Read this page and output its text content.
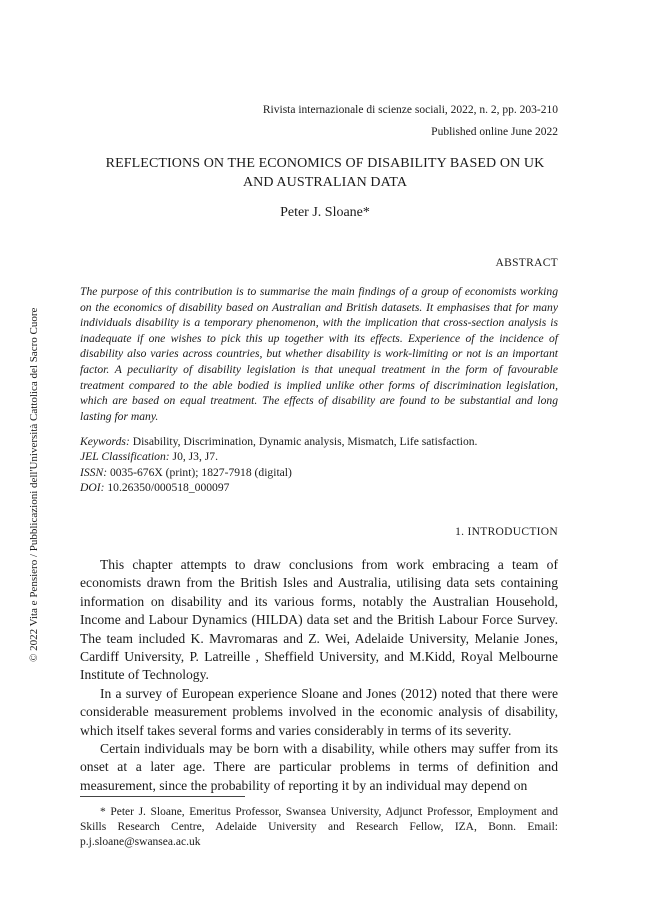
Rivista internazionale di scienze sociali, 2022, n. 2, pp. 203-210
Published online June 2022
REFLECTIONS ON THE ECONOMICS OF DISABILITY BASED ON UK
AND AUSTRALIAN DATA
Peter J. Sloane*
ABSTRACT
The purpose of this contribution is to summarise the main findings of a group of economists working on the economics of disability based on Australian and British datasets. It emphasises that for many individuals disability is a temporary phenomenon, with the implication that cross-section analysis is inadequate if one wishes to pick this up together with its effects. Experience of the incidence of disability also varies across countries, but whether disability is work-limiting or not is an important factor. A peculiarity of disability legislation is that unequal treatment in the form of favourable treatment compared to the able bodied is implied unlike other forms of discrimination legislation, which are based on equal treatment. The effects of disability are found to be substantial and long lasting for many.
Keywords: Disability, Discrimination, Dynamic analysis, Mismatch, Life satisfaction.
JEL Classification: J0, J3, J7.
ISSN: 0035-676X (print); 1827-7918 (digital)
DOI: 10.26350/000518_000097
1. INTRODUCTION

This chapter attempts to draw conclusions from work embracing a team of economists drawn from the British Isles and Australia, utilising data sets containing information on disability and its various forms, notably the Australian Household, Income and Labour Dynamics (HILDA) data set and the British Labour Force Survey. The team included K. Mavromaras and Z. Wei, Adelaide University, Melanie Jones, Cardiff University, P. Latreille , Sheffield University, and M.Kidd, Royal Melbourne Institute of Technology.

In a survey of European experience Sloane and Jones (2012) noted that there were considerable measurement problems involved in the economic analysis of disability, which itself takes several forms and varies considerably in terms of its severity.

Certain individuals may be born with a disability, while others may suffer from its onset at a later age. There are particular problems in terms of definition and measurement, since the probability of reporting it by an individual may depend on

* Peter J. Sloane, Emeritus Professor, Swansea University, Adjunct Professor, Employment and Skills Research Centre, Adelaide University and Research Fellow, IZA, Bonn. Email: p.j.sloane@swansea.ac.uk
© 2022 Vita e Pensiero / Pubblicazioni dell'Università Cattolica del Sacro Cuore
